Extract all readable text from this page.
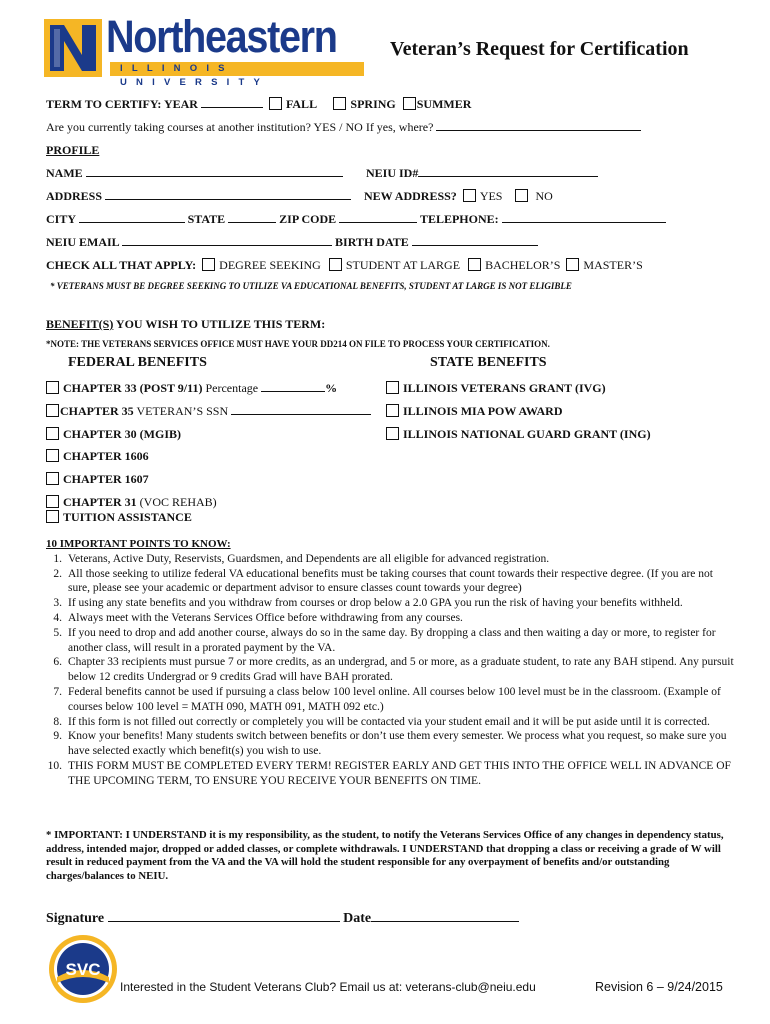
Northeastern
ILLINOIS UNIVERSITY
Veteran’s Request for Certification
TERM TO CERTIFY: YEAR	FALL	SPRING SUMMER
Are you currently taking courses at another institution? YES / NO If yes, where?
PROFILE
NAME	NEIU ID#
ADDRESS	NEW ADDRESS? YES	NO
CITY	STATE	ZIP CODE	TELEPHONE:
NEIU EMAIL	BIRTH DATE
CHECK ALL THAT APPLY: DEGREE SEEKING STUDENT AT LARGE BACHELOR’S MASTER’S
* VETERANS MUST BE DEGREE SEEKING TO UTILIZE VA EDUCATIONAL BENEFITS, STUDENT AT LARGE IS NOT ELIGIBLE
BENEFIT(S) YOU WISH TO UTILIZE THIS TERM:
*NOTE: THE VETERANS SERVICES OFFICE MUST HAVE YOUR DD214 ON FILE TO PROCESS YOUR CERTIFICATION.
FEDERAL BENEFITS	STATE BENEFITS
CHAPTER 33 (POST 9/11) Percentage	%	ILLINOIS VETERANS GRANT (IVG)
CHAPTER 35 VETERAN’S SSN	ILLINOIS MIA POW AWARD
CHAPTER 30 (MGIB)	ILLINOIS NATIONAL GUARD GRANT (ING)
CHAPTER 1606
CHAPTER 1607
CHAPTER 31 (VOC REHAB)
TUITION ASSISTANCE
10 IMPORTANT POINTS TO KNOW:
1. Veterans, Active Duty, Reservists, Guardsmen, and Dependents are all eligible for advanced registration.
2. All those seeking to utilize federal VA educational benefits must be taking courses that count towards their respective degree. (If you are not sure, please see your academic or department advisor to ensure classes count towards your degree)
3. If using any state benefits and you withdraw from courses or drop below a 2.0 GPA you run the risk of having your benefits withheld.
4. Always meet with the Veterans Services Office before withdrawing from any courses.
5. If you need to drop and add another course, always do so in the same day. By dropping a class and then waiting a day or more, to register for another class, will result in a prorated payment by the VA.
6. Chapter 33 recipients must pursue 7 or more credits, as an undergrad, and 5 or more, as a graduate student, to rate any BAH stipend. Any pursuit below 12 credits Undergrad or 9 credits Grad will have BAH prorated.
7. Federal benefits cannot be used if pursuing a class below 100 level online. All courses below 100 level must be in the classroom. (Example of courses below 100 level = MATH 090, MATH 091, MATH 092 etc.)
8. If this form is not filled out correctly or completely you will be contacted via your student email and it will be put aside until it is corrected.
9. Know your benefits! Many students switch between benefits or don’t use them every semester. We process what you request, so make sure you have selected exactly which benefit(s) you wish to use.
10. THIS FORM MUST BE COMPLETED EVERY TERM! REGISTER EARLY AND GET THIS INTO THE OFFICE WELL IN ADVANCE OF THE UPCOMING TERM, TO ENSURE YOU RECEIVE YOUR BENEFITS ON TIME.
* IMPORTANT: I UNDERSTAND it is my responsibility, as the student, to notify the Veterans Services Office of any changes in dependency status, address, intended major, dropped or added classes, or complete withdrawals. I UNDERSTAND that dropping a class or receiving a grade of W will result in reduced payment from the VA and the VA will hold the student responsible for any overpayment of benefits and/or outstanding charges/balances to NEIU.
Signature	Date
SVC
Interested in the Student Veterans Club? Email us at: veterans-club@neiu.edu	Revision 6 – 9/24/2015
